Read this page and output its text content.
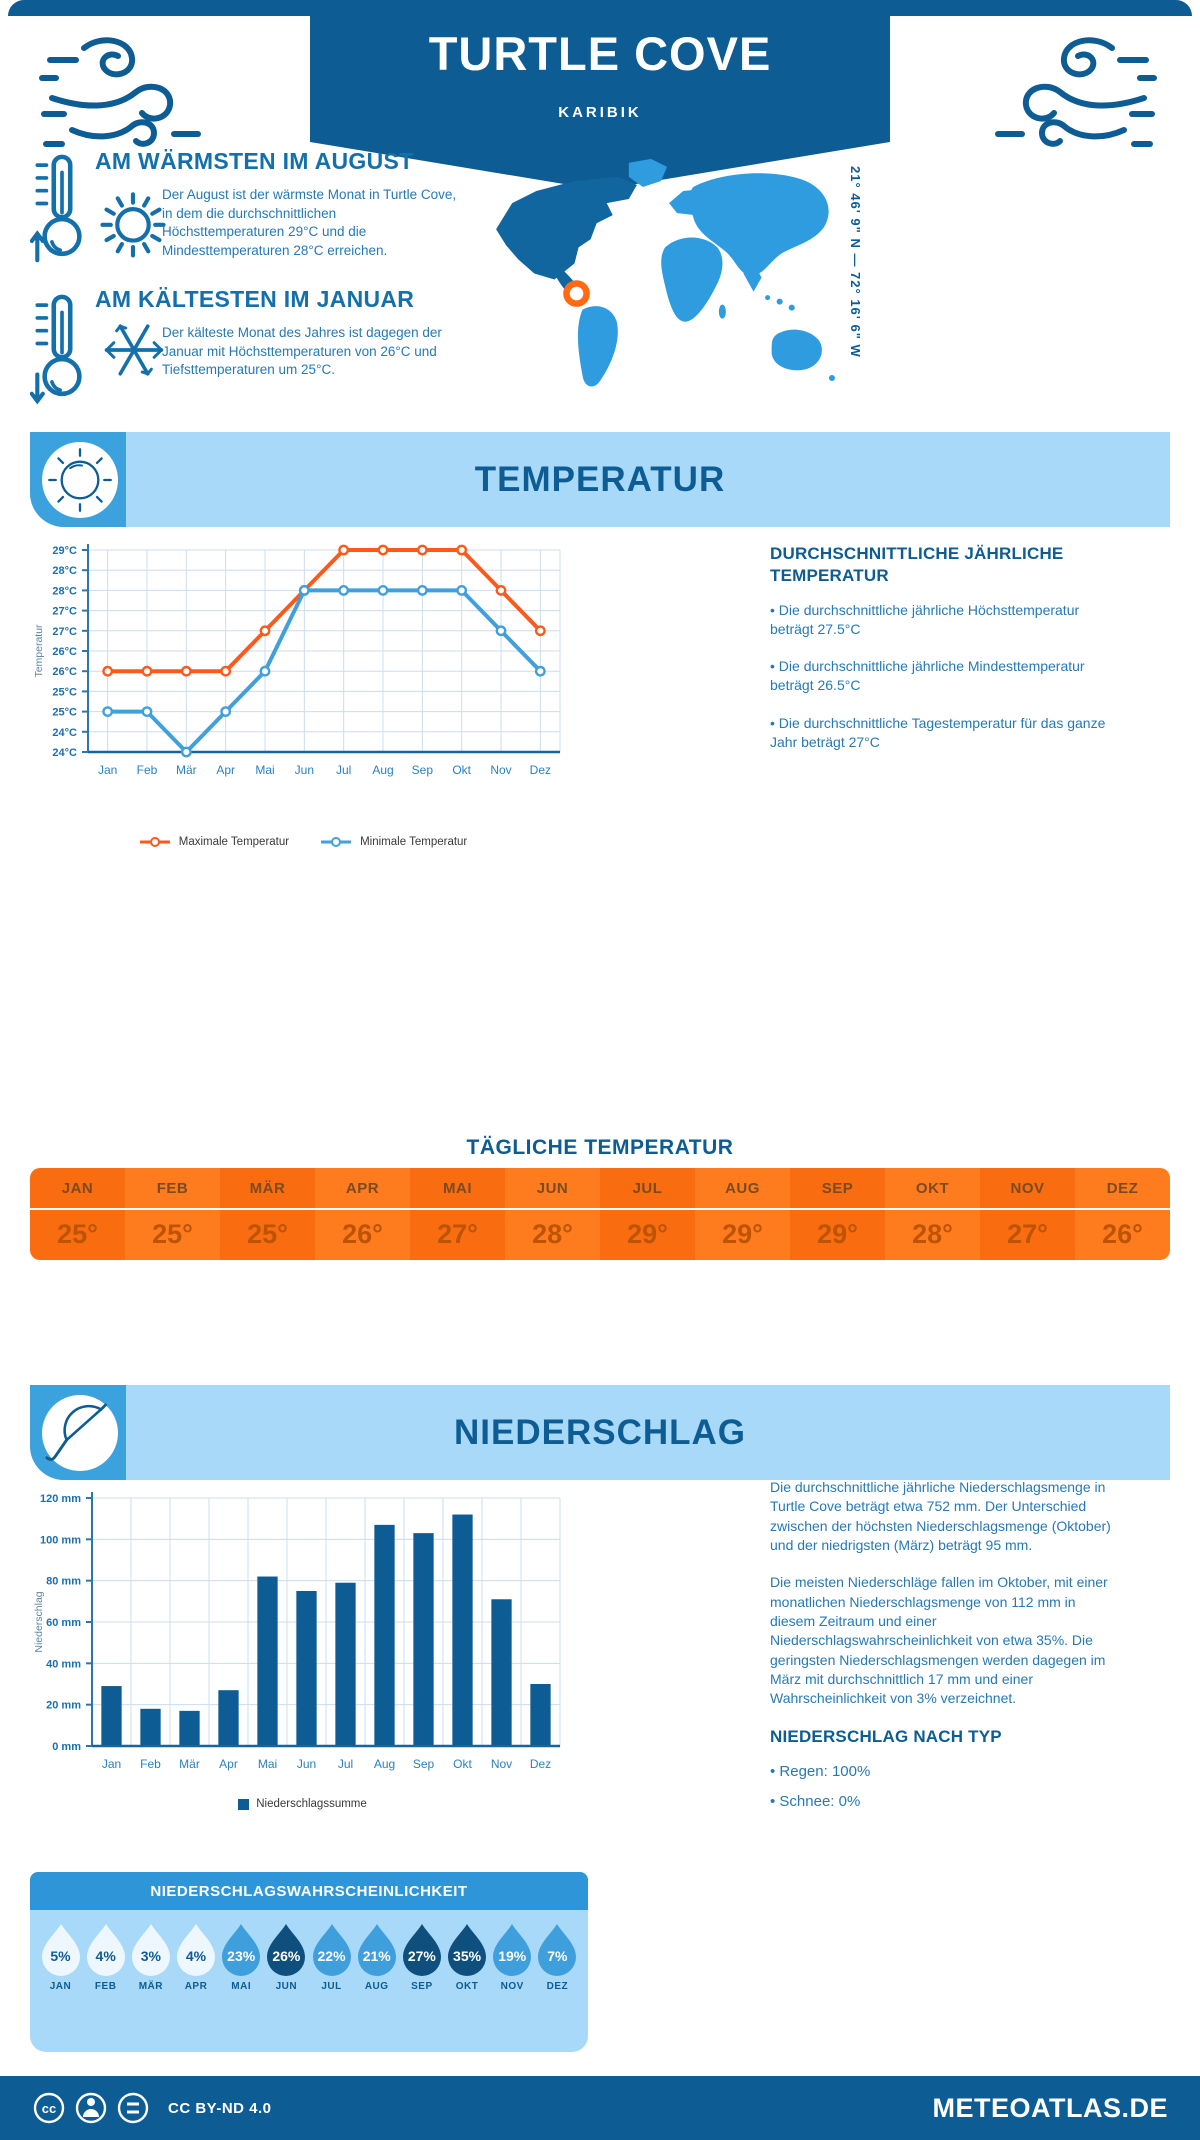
TURTLE COVE
KARIBIK
AM WÄRMSTEN IM AUGUST
Der August ist der wärmste Monat in Turtle Cove, in dem die durchschnittlichen Höchsttemperaturen 29°C und die Mindesttemperaturen 28°C erreichen.
AM KÄLTESTEN IM JANUAR
Der kälteste Monat des Jahres ist dagegen der Januar mit Höchsttemperaturen von 26°C und Tiefsttemperaturen um 25°C.
21° 46' 9" N — 72° 16' 6" W
TEMPERATUR
29°C
28°C
28°C
27°C
27°C
26°C
26°C
25°C
25°C
24°C
24°C
Jan Feb Mär Apr Mai Jun Jul Aug Sep Okt Nov Dez
Temperatur
Maximale Temperatur	Minimale Temperatur
DURCHSCHNITTLICHE JÄHRLICHE TEMPERATUR

• Die durchschnittliche jährliche Höchsttemperatur beträgt 27.5°C

• Die durchschnittliche jährliche Mindesttemperatur beträgt 26.5°C

• Die durchschnittliche Tagestemperatur für das ganze Jahr beträgt 27°C

TÄGLICHE TEMPERATUR
JAN
25°
FEB
25°
MÄR
25°
APR
26°
MAI
27°
JUN
28°
JUL
29°
AUG
29°
SEP
29°
OKT
28°
NOV
27°
DEZ
26°
NIEDERSCHLAG
120 mm
100 mm
80 mm
60 mm
40 mm
20 mm
0 mm
Jan Feb Mär Apr Mai Jun Jul Aug Sep Okt Nov Dez
Niederschlag
Niederschlagssumme

Die durchschnittliche jährliche Niederschlagsmenge in Turtle Cove beträgt etwa 752 mm. Der Unterschied zwischen der höchsten Niederschlagsmenge (Oktober) und der niedrigsten (März) beträgt 95 mm.

Die meisten Niederschläge fallen im Oktober, mit einer monatlichen Niederschlagsmenge von 112 mm in diesem Zeitraum und einer Niederschlagswahrscheinlichkeit von etwa 35%. Die geringsten Niederschlagsmengen werden dagegen im März mit durchschnittlich 17 mm und einer Wahrscheinlichkeit von 3% verzeichnet.

NIEDERSCHLAG NACH TYP

• Regen: 100%

• Schnee: 0%

NIEDERSCHLAGSWAHRSCHEINLICHKEIT
5%
JAN
4%
FEB
3%
MÄR
4%
APR
23%
MAI
26%
JUN
22%
JUL
21%
AUG
27%
SEP
35%
OKT
19%
NOV
7%
DEZ
cc	CC BY-ND 4.0	METEOATLAS.DE
